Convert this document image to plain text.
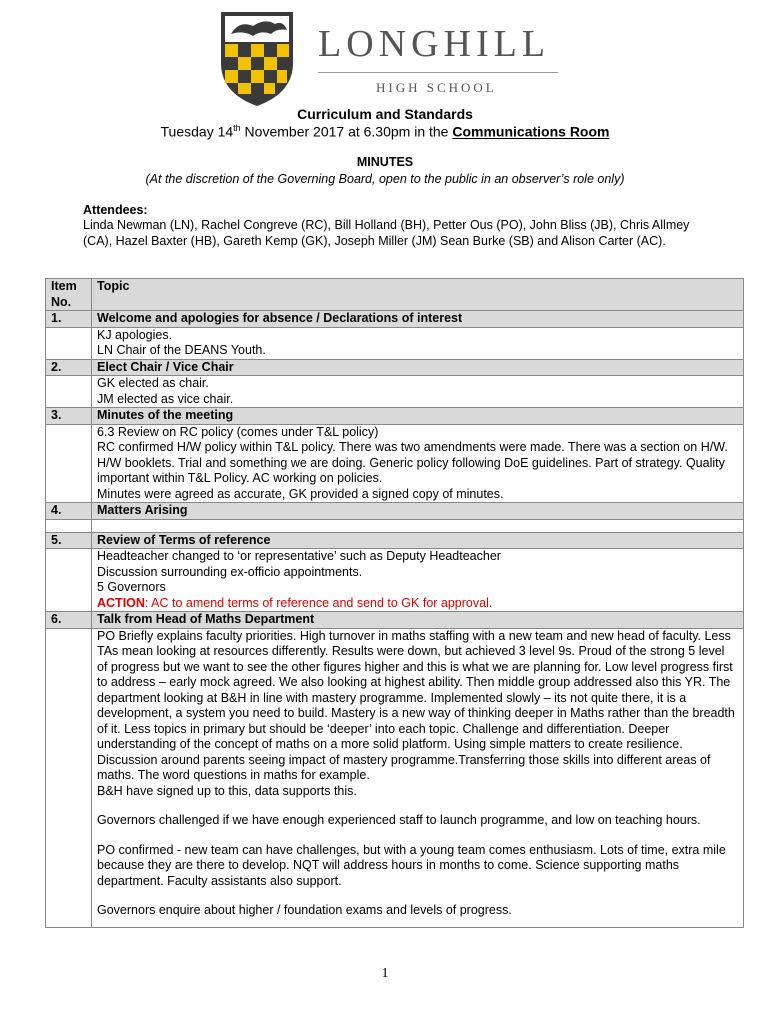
LONGHILL
HIGH SCHOOL
Curriculum and Standards
Tuesday 14th November 2017 at 6.30pm in the Communications Room
MINUTES
(At the discretion of the Governing Board, open to the public in an observer’s role only)
Attendees:
Linda Newman (LN), Rachel Congreve (RC), Bill Holland (BH), Petter Ous (PO), John Bliss (JB), Chris Allmey (CA), Hazel Baxter (HB), Gareth Kemp (GK), Joseph Miller (JM) Sean Burke (SB) and Alison Carter (AC).
Item No.	Topic
1.	Welcome and apologies for absence / Declarations of interest

	KJ apologies.
LN Chair of the DEANS Youth.

2.	Elect Chair / Vice Chair

	GK elected as chair.
JM elected as vice chair.

3.	Minutes of the meeting

	6.3 Review on RC policy (comes under T&L policy)
RC confirmed H/W policy within T&L policy. There was two amendments were made. There was a section on H/W. H/W booklets. Trial and something we are doing. Generic policy following DoE guidelines. Part of strategy. Quality important within T&L Policy. AC working on policies.
Minutes were agreed as accurate, GK provided a signed copy of minutes.

4.	Matters Arising

5.	Review of Terms of reference

	Headteacher changed to ‘or representative’ such as Deputy Headteacher
Discussion surrounding ex-officio appointments.
5 Governors
ACTION: AC to amend terms of reference and send to GK for approval.

6.	Talk from Head of Maths Department

	PO Briefly explains faculty priorities. High turnover in maths staffing with a new team and new head of faculty. Less TAs mean looking at resources differently. Results were down, but achieved 3 level 9s. Proud of the strong 5 level of progress but we want to see the other figures higher and this is what we are planning for. Low level progress first to address – early mock agreed. We also looking at highest ability. Then middle group addressed also this YR. The department looking at B&H in line with mastery programme. Implemented slowly – its not quite there, it is a development, a system you need to build. Mastery is a new way of thinking deeper in Maths rather than the breadth of it. Less topics in primary but should be ‘deeper’ into each topic. Challenge and differentiation. Deeper understanding of the concept of maths on a more solid platform. Using simple matters to create resilience. Discussion around parents seeing impact of mastery programme.Transferring those skills into different areas of maths. The word questions in maths for example.
B&H have signed up to this, data supports this.
Governors challenged if we have enough experienced staff to launch programme, and low on teaching hours.
PO confirmed - new team can have challenges, but with a young team comes enthusiasm. Lots of time, extra mile because they are there to develop. NQT will address hours in months to come. Science supporting maths department. Faculty assistants also support.
Governors enquire about higher / foundation exams and levels of progress.
1
